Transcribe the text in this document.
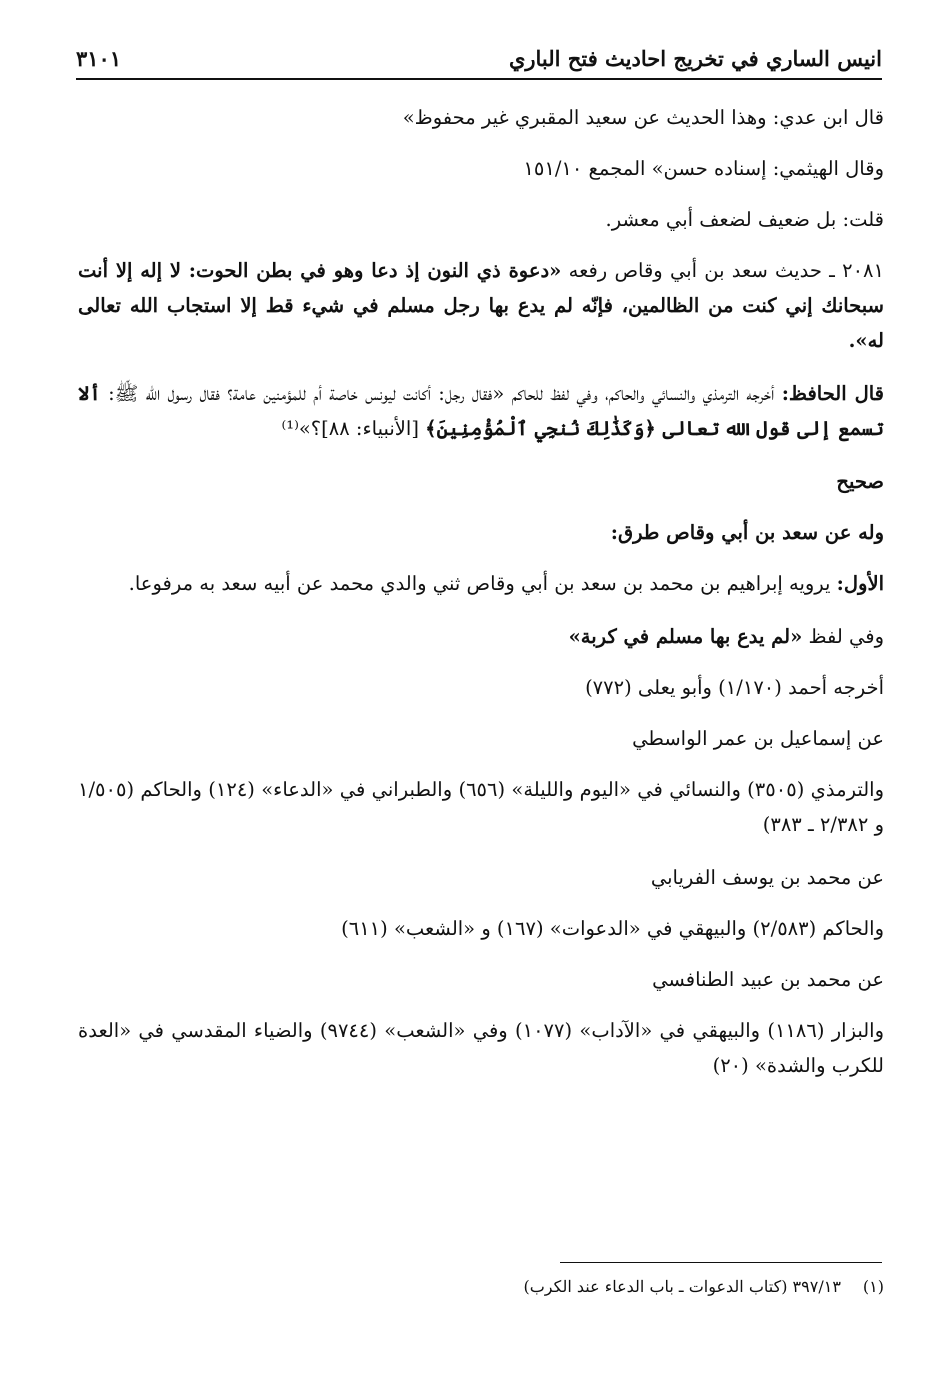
انيس الساري في تخريج احاديث فتح الباري
٣١٠١

قال ابن عدي: وهذا الحديث عن سعيد المقبري غير محفوظ»

وقال الهيثمي: إسناده حسن» المجمع ١٥١/١٠

قلت: بل ضعيف لضعف أبي معشر.

٢٠٨١ ـ حديث سعد بن أبي وقاص رفعه «دعوة ذي النون إذ دعا وهو في بطن الحوت: لا إله إلا أنت سبحانك إني كنت من الظالمين، فإنّه لم يدع بها رجل مسلم في شيء قط إلا استجاب الله تعالى له».

قال الحافظ: أخرجه الترمذي والنسائي والحاكم، وفي لفظ للحاكم «فقال رجل: أكانت ليونس خاصة أم للمؤمنين عامة؟ فقال رسول الله ﷺ: ألا تسمع إلى قول الله تعالى ﴿وَكَذَٰلِكَ نُنجِي ٱلْمُؤْمِنِينَ﴾ [الأنبياء: ٨٨]؟»⁽¹⁾

صحيح

وله عن سعد بن أبي وقاص طرق:

الأول: يرويه إبراهيم بن محمد بن سعد بن أبي وقاص ثني والدي محمد عن أبيه سعد به مرفوعا.

وفي لفظ «لم يدع بها مسلم في كربة»

أخرجه أحمد (١/١٧٠) وأبو يعلى (٧٧٢)

عن إسماعيل بن عمر الواسطي

والترمذي (٣٥٠٥) والنسائي في «اليوم والليلة» (٦٥٦) والطبراني في «الدعاء» (١٢٤) والحاكم (١/٥٠٥ و ٢/٣٨٢ ـ ٣٨٣)

عن محمد بن يوسف الفريابي

والحاكم (٢/٥٨٣) والبيهقي في «الدعوات» (١٦٧) و «الشعب» (٦١١)

عن محمد بن عبيد الطنافسي

والبزار (١١٨٦) والبيهقي في «الآداب» (١٠٧٧) وفي «الشعب» (٩٧٤٤) والضياء المقدسي في «العدة للكرب والشدة» (٢٠)

(١)٣٩٧/١٣ (كتاب الدعوات ـ باب الدعاء عند الكرب)
